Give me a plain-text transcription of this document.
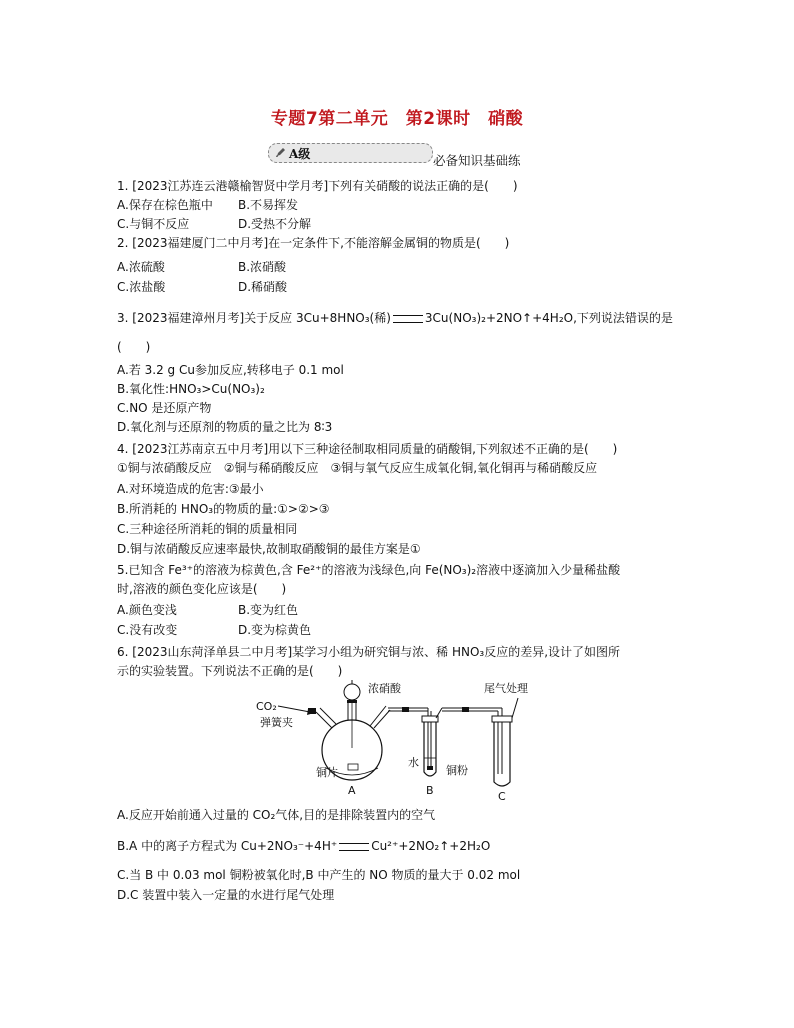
专题7第二单元　第2课时　硝酸
A级	必备知识基础练
1. [2023江苏连云港赣榆智贤中学月考]下列有关硝酸的说法正确的是(　　)
A.保存在棕色瓶中 B.不易挥发
C.与铜不反应	D.受热不分解
2. [2023福建厦门二中月考]在一定条件下,不能溶解金属铜的物质是(　　)
A.浓硫酸	B.浓硝酸
C.浓盐酸	D.稀硝酸
3. [2023福建漳州月考]关于反应 3Cu+8HNO₃(稀)	3Cu(NO₃)₂+2NO↑+4H₂O,下列说法错误的是
(　　)
A.若 3.2 g Cu参加反应,转移电子 0.1 mol
B.氧化性:HNO₃>Cu(NO₃)₂
C.NO 是还原产物
D.氧化剂与还原剂的物质的量之比为 8∶3
4. [2023江苏南京五中月考]用以下三种途径制取相同质量的硝酸铜,下列叙述不正确的是(　　)
①铜与浓硝酸反应　②铜与稀硝酸反应　③铜与氧气反应生成氧化铜,氧化铜再与稀硝酸反应
A.对环境造成的危害:③最小
B.所消耗的 HNO₃的物质的量:①>②>③
C.三种途径所消耗的铜的质量相同
D.铜与浓硝酸反应速率最快,故制取硝酸铜的最佳方案是①
5.已知含 Fe³⁺的溶液为棕黄色,含 Fe²⁺的溶液为浅绿色,向 Fe(NO₃)₂溶液中逐滴加入少量稀盐酸
时,溶液的颜色变化应该是(　　)
A.颜色变浅	B.变为红色
C.没有改变	D.变为棕黄色
6. [2023山东菏泽单县二中月考]某学习小组为研究铜与浓、稀 HNO₃反应的差异,设计了如图所
示的实验装置。下列说法不正确的是(　　)
CO₂
弹簧夹
浓硝酸
水
铜粉
尾气处理
铜片
A	B	C
A.反应开始前通入过量的 CO₂气体,目的是排除装置内的空气
B.A 中的离子方程式为 Cu+2NO₃⁻+4H⁺	Cu²⁺+2NO₂↑+2H₂O
C.当 B 中 0.03 mol 铜粉被氧化时,B 中产生的 NO 物质的量大于 0.02 mol
D.C 装置中装入一定量的水进行尾气处理
